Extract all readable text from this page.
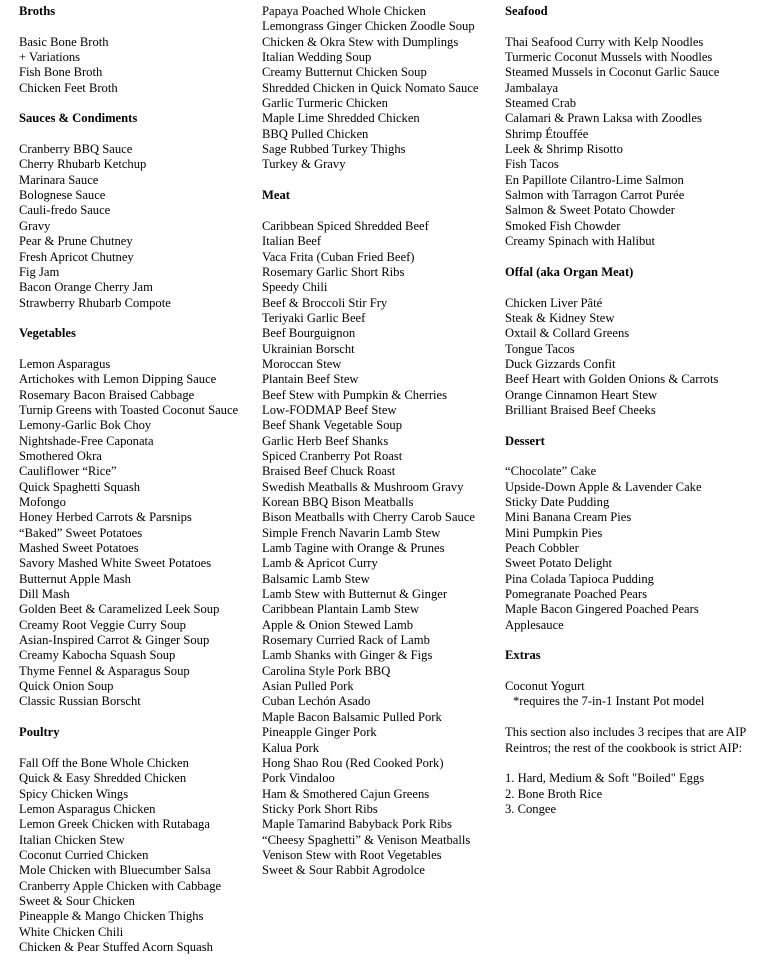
Broths
Basic Bone Broth
+ Variations
Fish Bone Broth
Chicken Feet Broth
Sauces & Condiments
Cranberry BBQ Sauce
Cherry Rhubarb Ketchup
Marinara Sauce
Bolognese Sauce
Cauli-fredo Sauce
Gravy
Pear & Prune Chutney
Fresh Apricot Chutney
Fig Jam
Bacon Orange Cherry Jam
Strawberry Rhubarb Compote
Vegetables
Lemon Asparagus
Artichokes with Lemon Dipping Sauce
Rosemary Bacon Braised Cabbage
Turnip Greens with Toasted Coconut Sauce
Lemony-Garlic Bok Choy
Nightshade-Free Caponata
Smothered Okra
Cauliflower “Rice”
Quick Spaghetti Squash
Mofongo
Honey Herbed Carrots & Parsnips
“Baked” Sweet Potatoes
Mashed Sweet Potatoes
Savory Mashed White Sweet Potatoes
Butternut Apple Mash
Dill Mash
Golden Beet & Caramelized Leek Soup
Creamy Root Veggie Curry Soup
Asian-Inspired Carrot & Ginger Soup
Creamy Kabocha Squash Soup
Thyme Fennel & Asparagus Soup
Quick Onion Soup
Classic Russian Borscht
Poultry
Fall Off the Bone Whole Chicken
Quick & Easy Shredded Chicken
Spicy Chicken Wings
Lemon Asparagus Chicken
Lemon Greek Chicken with Rutabaga
Italian Chicken Stew
Coconut Curried Chicken
Mole Chicken with Bluecumber Salsa
Cranberry Apple Chicken with Cabbage
Sweet & Sour Chicken
Pineapple & Mango Chicken Thighs
White Chicken Chili
Chicken & Pear Stuffed Acorn Squash
Papaya Poached Whole Chicken
Lemongrass Ginger Chicken Zoodle Soup
Chicken & Okra Stew with Dumplings
Italian Wedding Soup
Creamy Butternut Chicken Soup
Shredded Chicken in Quick Nomato Sauce
Garlic Turmeric Chicken
Maple Lime Shredded Chicken
BBQ Pulled Chicken
Sage Rubbed Turkey Thighs
Turkey & Gravy
Meat
Caribbean Spiced Shredded Beef
Italian Beef
Vaca Frita (Cuban Fried Beef)
Rosemary Garlic Short Ribs
Speedy Chili
Beef & Broccoli Stir Fry
Teriyaki Garlic Beef
Beef Bourguignon
Ukrainian Borscht
Moroccan Stew
Plantain Beef Stew
Beef Stew with Pumpkin & Cherries
Low-FODMAP Beef Stew
Beef Shank Vegetable Soup
Garlic Herb Beef Shanks
Spiced Cranberry Pot Roast
Braised Beef Chuck Roast
Swedish Meatballs & Mushroom Gravy
Korean BBQ Bison Meatballs
Bison Meatballs with Cherry Carob Sauce
Simple French Navarin Lamb Stew
Lamb Tagine with Orange & Prunes
Lamb & Apricot Curry
Balsamic Lamb Stew
Lamb Stew with Butternut & Ginger
Caribbean Plantain Lamb Stew
Apple & Onion Stewed Lamb
Rosemary Curried Rack of Lamb
Lamb Shanks with Ginger & Figs
Carolina Style Pork BBQ
Asian Pulled Pork
Cuban Lechón Asado
Maple Bacon Balsamic Pulled Pork
Pineapple Ginger Pork
Kalua Pork
Hong Shao Rou (Red Cooked Pork)
Pork Vindaloo
Ham & Smothered Cajun Greens
Sticky Pork Short Ribs
Maple Tamarind Babyback Pork Ribs
“Cheesy Spaghetti” & Venison Meatballs
Venison Stew with Root Vegetables
Sweet & Sour Rabbit Agrodolce
Seafood
Thai Seafood Curry with Kelp Noodles
Turmeric Coconut Mussels with Noodles
Steamed Mussels in Coconut Garlic Sauce
Jambalaya
Steamed Crab
Calamari & Prawn Laksa with Zoodles
Shrimp Étouffée
Leek & Shrimp Risotto
Fish Tacos
En Papillote Cilantro-Lime Salmon
Salmon with Tarragon Carrot Purée
Salmon & Sweet Potato Chowder
Smoked Fish Chowder
Creamy Spinach with Halibut
Offal (aka Organ Meat)
Chicken Liver Pâté
Steak & Kidney Stew
Oxtail & Collard Greens
Tongue Tacos
Duck Gizzards Confit
Beef Heart with Golden Onions & Carrots
Orange Cinnamon Heart Stew
Brilliant Braised Beef Cheeks
Dessert
“Chocolate” Cake
Upside-Down Apple & Lavender Cake
Sticky Date Pudding
Mini Banana Cream Pies
Mini Pumpkin Pies
Peach Cobbler
Sweet Potato Delight
Pina Colada Tapioca Pudding
Pomegranate Poached Pears
Maple Bacon Gingered Poached Pears
Applesauce
Extras
Coconut Yogurt
*requires the 7-in-1 Instant Pot model
This section also includes 3 recipes that are AIP Reintros; the rest of the cookbook is strict AIP:
1. Hard, Medium & Soft "Boiled" Eggs
2. Bone Broth Rice
3. Congee
